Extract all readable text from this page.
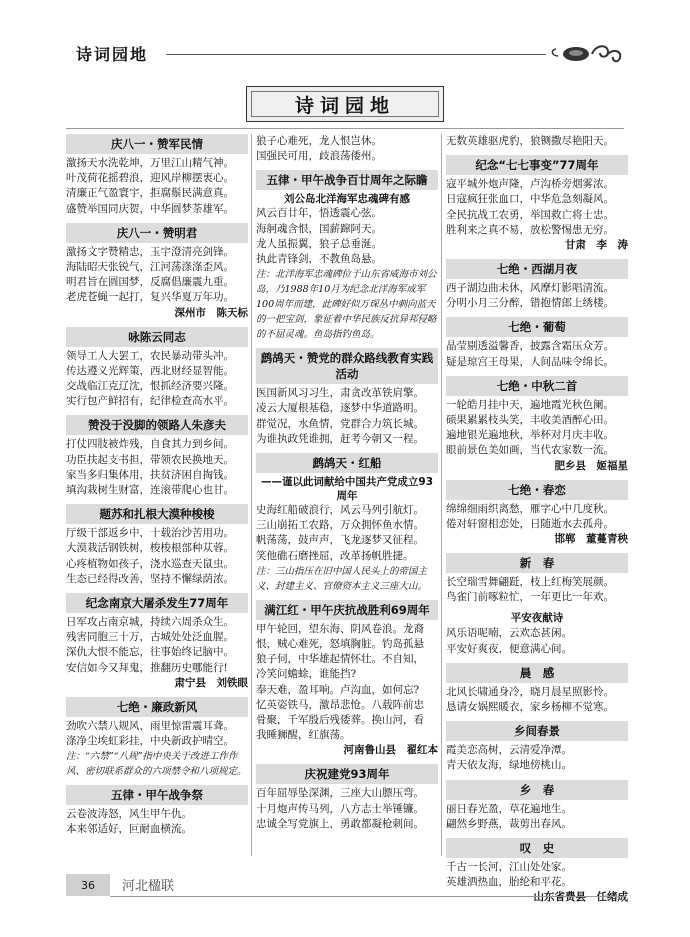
诗词园地
诗词园地
庆八一・赞军民情
激扬天水洗乾坤，万里江山精气神。
叶茂荷花摇碧浪，迎风岸柳摆衷心。
清廉正气盈寰宇，拒腐鬃民满意真。
盛赞举国同庆贺，中华圆梦荼雄军。
庆八一・赞明君
激扬文字赞精忠，玉宇澄清亮剑锋。
海陆昭天张锐气，江河荡涤涤歪风。
明君旨在圆国梦，反腐倡廉震九重。
老虎苍蝇一起打，复兴华夏万年功。
深州市　陈天标
咏陈云同志
领导工人大罢工，农民暴动带头冲。
传达遵义光辉策，西北财经显智能。
交战临江克辽沈，恨抓经济要兴隆。
实行包产鲜招有，纪律检查高水平。
赞没于没脚的领路人朱彦夫
打仗四肢被炸残，自食其力到乡间。
功臣扶起支书担，带领农民换地天。
家当多归集体用，扶贫济困自掏钱。
填沟栽树生财富，连滚带爬心也甘。
题苏和扎根大漠种梭梭
厅级干部返乡中，十载治沙苦用功。
大漠栽活钢铁树，梭梭根部种苁蓉。
心疼植物如孩子，浇水巡查天鼠虫。
生态已经得改善，坚持不懈绿荫浓。
纪念南京大屠杀发生77周年
日军攻占南京城，持续六周杀众生。
残害同胞三十万，古城处处泛血腥。
深仇大恨不能忘，往事始终记脑中。
安信如今又拜鬼，推翻历史哪能行!
肃宁县　刘铁眼
七绝・廉政新风
劲吹六禁八规风，雨里惊雷震耳聋。
涤净尘埃虹彩挂，中央新政护晴空。
注：“六禁”“八规”指中央关于改进工作作风、密切联系群众的六项禁令和八项规定。
五律・甲午战争祭
云卷波涛怒，风生甲午仇。
本来邻适好，叵耐血横流。
狼子心难死，龙人恨岂休。
国强民可用，歧浪荡倭州。
五律・甲午战争百廿周年之际瞻
刘公岛北洋海军忠魂碑有感
风云百廿年，悟透震心弦。
海舸魂含恨，国薪蹿阿天。
龙人虽振翼，狼子总垂涎。
执此青锋剑，不教鱼岛悬。
注：北洋海军忠魂碑位于山东省威海市刘公岛，乃1988年10月为纪念北洋海军成军100周年而建，此碑好似万琛丛中刺向蓝天的一把宝剑，象征着中华民族反抗异邦侵略的不屈灵魂。鱼岛指钓鱼岛。
鹧鸪天・赞党的群众路线教育实践活动
医国新风习习生，肃贪改革铁肩擎。
凌云大厦根基稳，逐梦中华道路明。
群觉况，水鱼情，党群合力筑长城。
为谁执政凭谁拥，赶考今朝又一程。
鹧鸪天・红船
——谨以此词献给中国共产党成立93周年
史海红船破浪行，风云马列引航灯。
三山崩拓工农路，万众拥怀鱼水情。
帆荡荡，鼓声声，飞龙逐梦又征程。
笑他礁石磨挫屈，改革扬帆胜捷。
注：三山指压在旧中国人民头上的帝国主义、封建主义、官僚资本主义三座大山。
满江红・甲午庆抗战胜利69周年
甲午轮回，望东海、阴风卷浪。龙裔
恨，贼心难死，怒填胸脏。钓岛孤悬
狼子伺，中华雄起情怀壮。不自知，
冷笑问蟾蜍，谁能挡?
奉天难，盈耳响。卢沟血，如何忘?
忆英姿铁马，激昂悲怆。八载阵前忠
骨聚，千军殷后残倭葬。换山河，看
我睡狮醒，红旗荡。
河南鲁山县　翟红本
庆祝建党93周年
百年屈辱坠深渊，三座大山膘压弯。
十月炮声传马列，八方志士举锤镰。
忠诚全写党旗上，勇敢都凝枪刺间。
无数英雄驱虎豹，狼铡撒尽艳阳天。
纪念“七七事变”77周年
寇平城外炮声隆，卢沟桥旁烟雾浓。
日寇疯狂张血口，中华危急刻凝风。
全民抗战工农勇，举国救亡将士忠。
胜利来之真不易，放松警惕患无穷。
甘肃　李　涛
七绝・西湖月夜
西子湖边曲未休，风摩灯影唱清流。
分明小月三分醉，错抱情郎上绣楼。
七绝・葡萄
晶莹剔透溢馨香，披露含霜压众芳。
疑是琼宫王母果，人间品味令绵长。
七绝・中秋二首
一轮皓月挂中天，遍地霞光秋色阑。
硕果累累枝头笑，丰收美酒醉心田。
遍地银光遍地秋，举杯对月庆丰收。
眼前景色美如画，当代农家数一流。
肥乡县　姬福星
七绝・春恋
绵绵细雨织离愁，雁字心中几度秋。
倦对轩窗相恋处，日随逝水去孤舟。
邯郸　董蔓青秧
新　春
长空瑞雪舞翩跹，枝上红梅笑展颜。
鸟雀门前啄粒忙，一年更比一年欢。
平安夜献诗
风乐语呢喃，云欢态甚闲。
平安好爽夜，便意满心间。
晨　感
北风长啸通身冷，晓月晨星照影怜。
恳请女娲熙暖衣，家乡杨柳不觉寒。
乡间春景
霞美恋高树，云清爱净潭。
青天依友海，绿地傍桃山。
乡　春
丽日春光盈，草花遍地生。
翩然乡野燕，裁剪出春风。
叹　史
千古一长河，江山处处家。
英雄洒热血，胎纶和平花。
山东省费县　任绪成
36	河北楹联
